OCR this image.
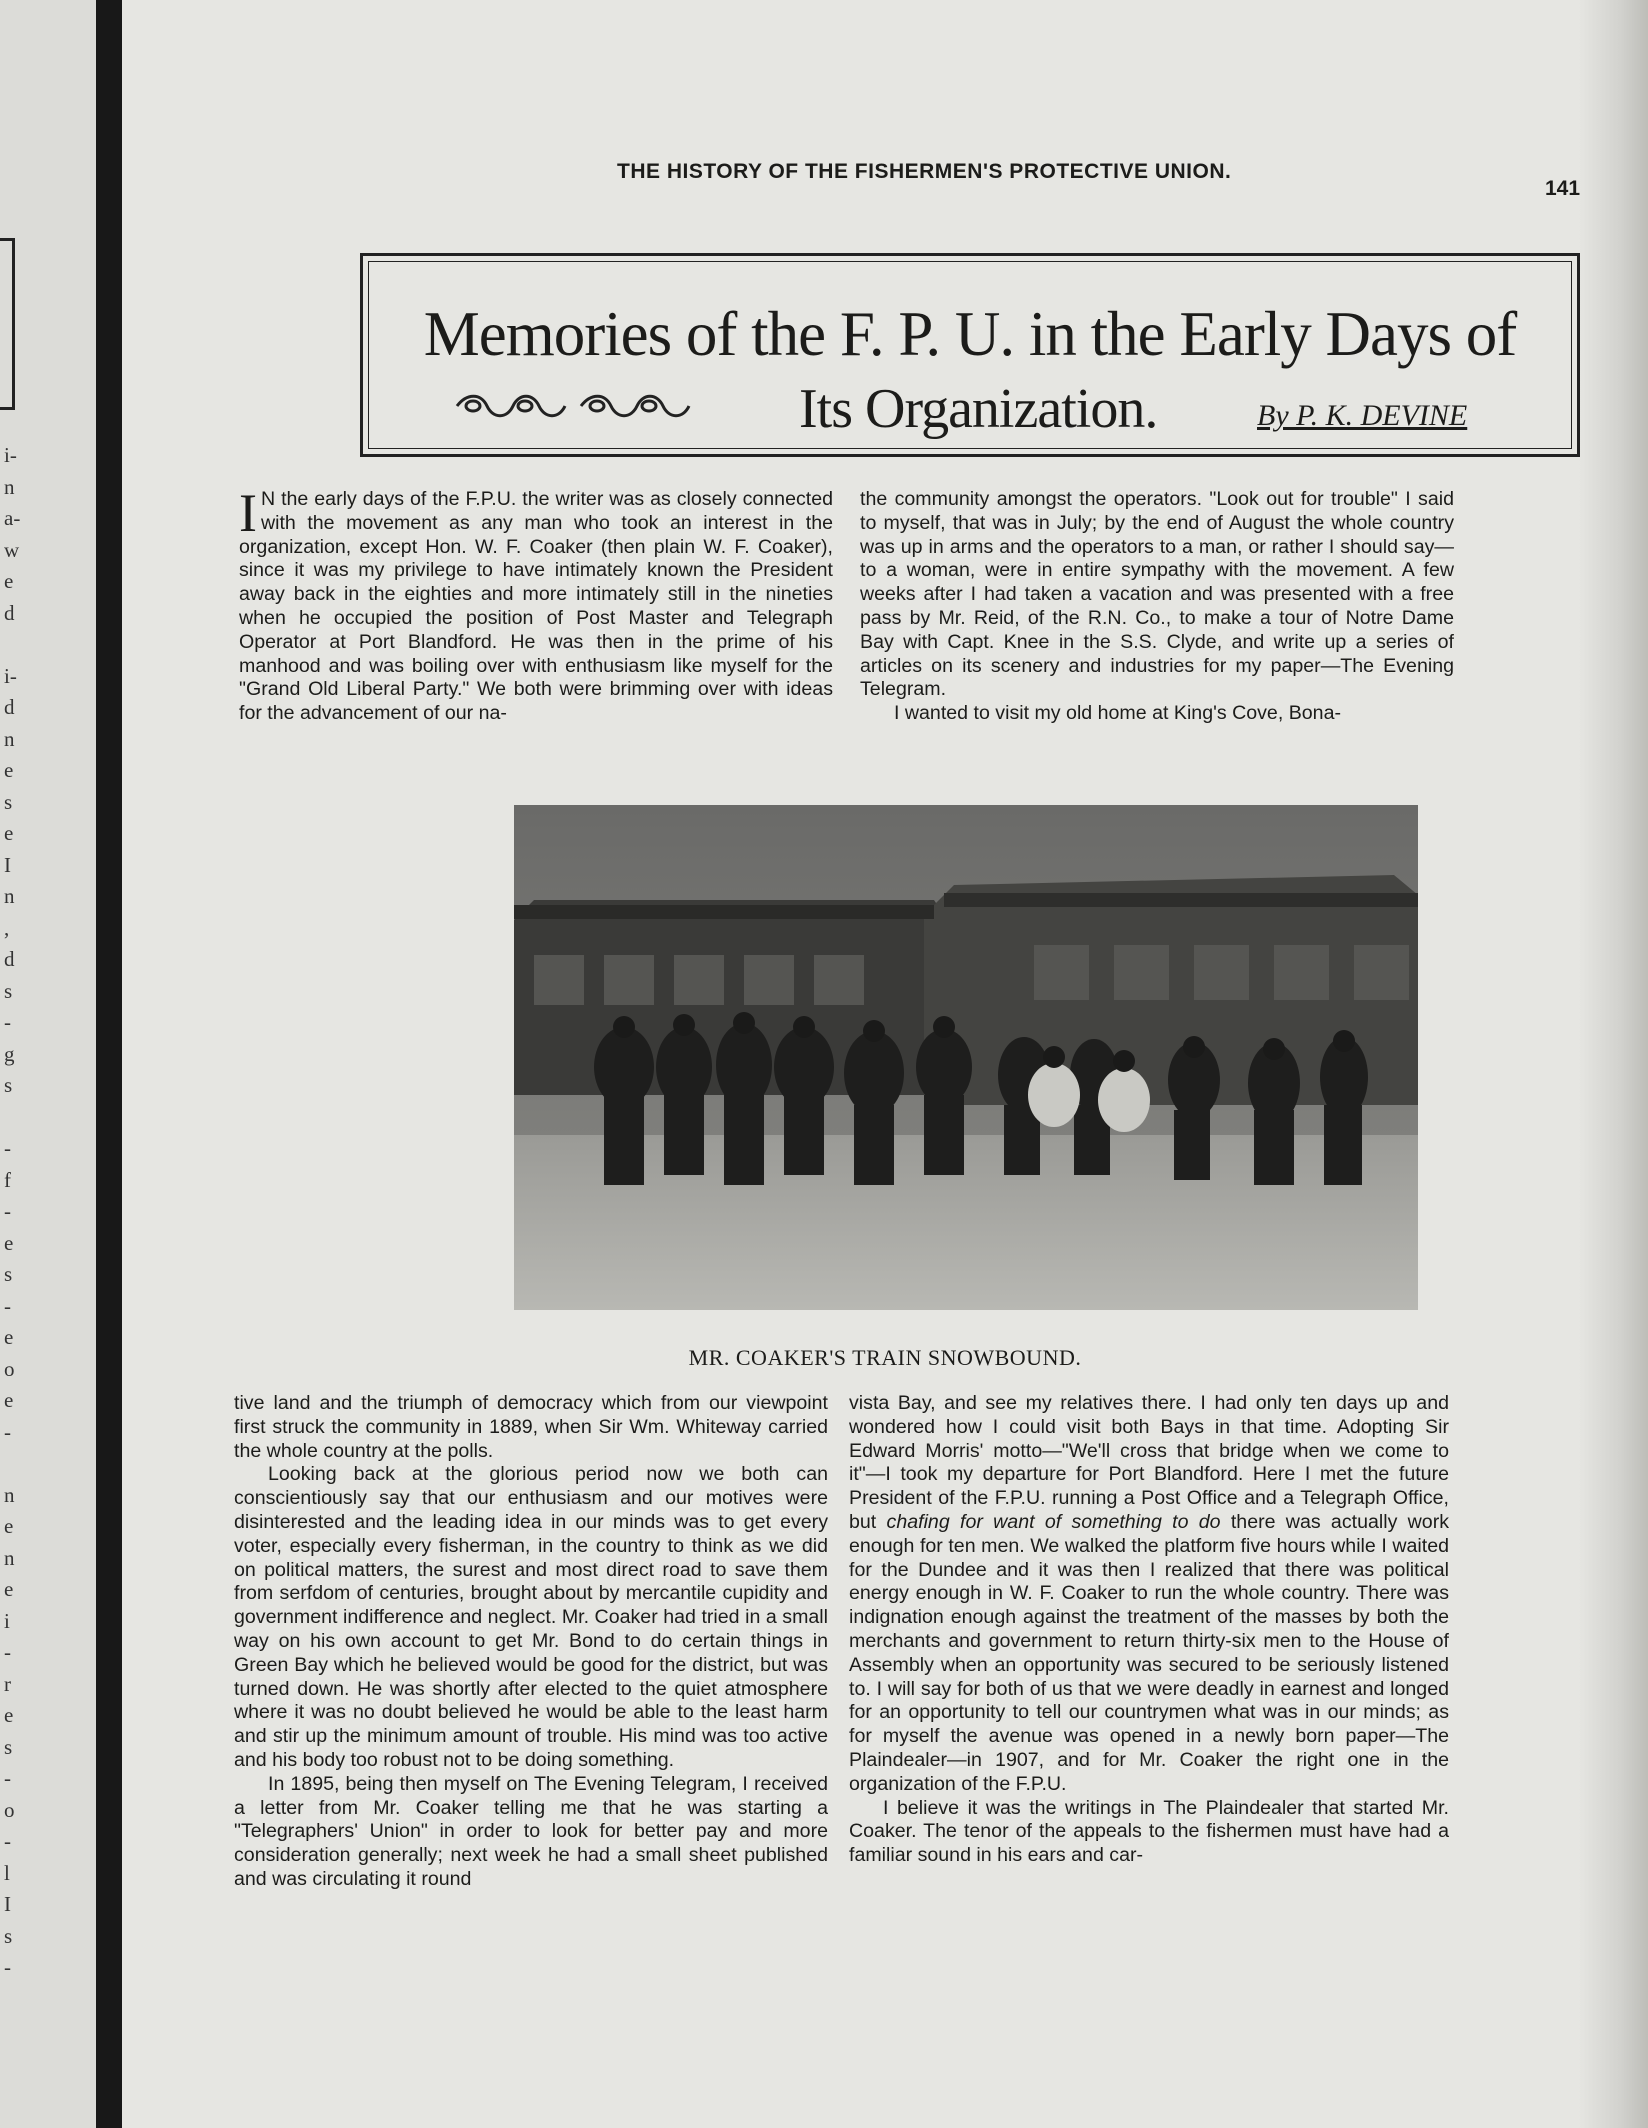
i-
n
a-
w
e
d

i-
d
n
e
s
e
I
n
,
d
s
-
g
s

-
f
-
e
s
-
e
o
e
-

n
e
n
e
i
-
r
e
s
-
o
-
l
I
s
-
THE HISTORY OF THE FISHERMEN'S PROTECTIVE UNION.
141
Memories of the F. P. U. in the Early Days of
Its Organization.	By P. K. DEVINE

I N the early days of the F.P.U. the writer was as closely connected with the movement as any man who took an interest in the organization, except Hon. W. F. Coaker (then plain W. F. Coaker), since it was my privilege to have intimately known the President away back in the eighties and more intimately still in the nineties when he occupied the position of Post Master and Telegraph Operator at Port Blandford. He was then in the prime of his manhood and was boiling over with enthusiasm like myself for the "Grand Old Liberal Party." We both were brimming over with ideas for the advancement of our na-

the community amongst the operators. "Look out for trouble" I said to myself, that was in July; by the end of August the whole country was up in arms and the operators to a man, or rather I should say—to a woman, were in entire sympathy with the movement. A few weeks after I had taken a vacation and was presented with a free pass by Mr. Reid, of the R.N. Co., to make a tour of Notre Dame Bay with Capt. Knee in the S.S. Clyde, and write up a series of articles on its scenery and industries for my paper—The Evening Telegram.

I wanted to visit my old home at King's Cove, Bona-

MR. COAKER'S TRAIN SNOWBOUND.

tive land and the triumph of democracy which from our viewpoint first struck the community in 1889, when Sir Wm. Whiteway carried the whole country at the polls.

Looking back at the glorious period now we both can conscientiously say that our enthusiasm and our motives were disinterested and the leading idea in our minds was to get every voter, especially every fisherman, in the country to think as we did on political matters, the surest and most direct road to save them from serfdom of centuries, brought about by mercantile cupidity and government indifference and neglect. Mr. Coaker had tried in a small way on his own account to get Mr. Bond to do certain things in Green Bay which he believed would be good for the district, but was turned down. He was shortly after elected to the quiet atmosphere where it was no doubt believed he would be able to the least harm and stir up the minimum amount of trouble. His mind was too active and his body too robust not to be doing something.

In 1895, being then myself on The Evening Telegram, I received a letter from Mr. Coaker telling me that he was starting a "Telegraphers' Union" in order to look for better pay and more consideration generally; next week he had a small sheet published and was circulating it round

vista Bay, and see my relatives there. I had only ten days up and wondered how I could visit both Bays in that time. Adopting Sir Edward Morris' motto—"We'll cross that bridge when we come to it"—I took my departure for Port Blandford. Here I met the future President of the F.P.U. running a Post Office and a Telegraph Office, but chafing for want of something to do there was actually work enough for ten men. We walked the platform five hours while I waited for the Dundee and it was then I realized that there was political energy enough in W. F. Coaker to run the whole country. There was indignation enough against the treatment of the masses by both the merchants and government to return thirty-six men to the House of Assembly when an opportunity was secured to be seriously listened to. I will say for both of us that we were deadly in earnest and longed for an opportunity to tell our countrymen what was in our minds; as for myself the avenue was opened in a newly born paper—The Plaindealer—in 1907, and for Mr. Coaker the right one in the organization of the F.P.U.

I believe it was the writings in The Plaindealer that started Mr. Coaker. The tenor of the appeals to the fishermen must have had a familiar sound in his ears and car-
